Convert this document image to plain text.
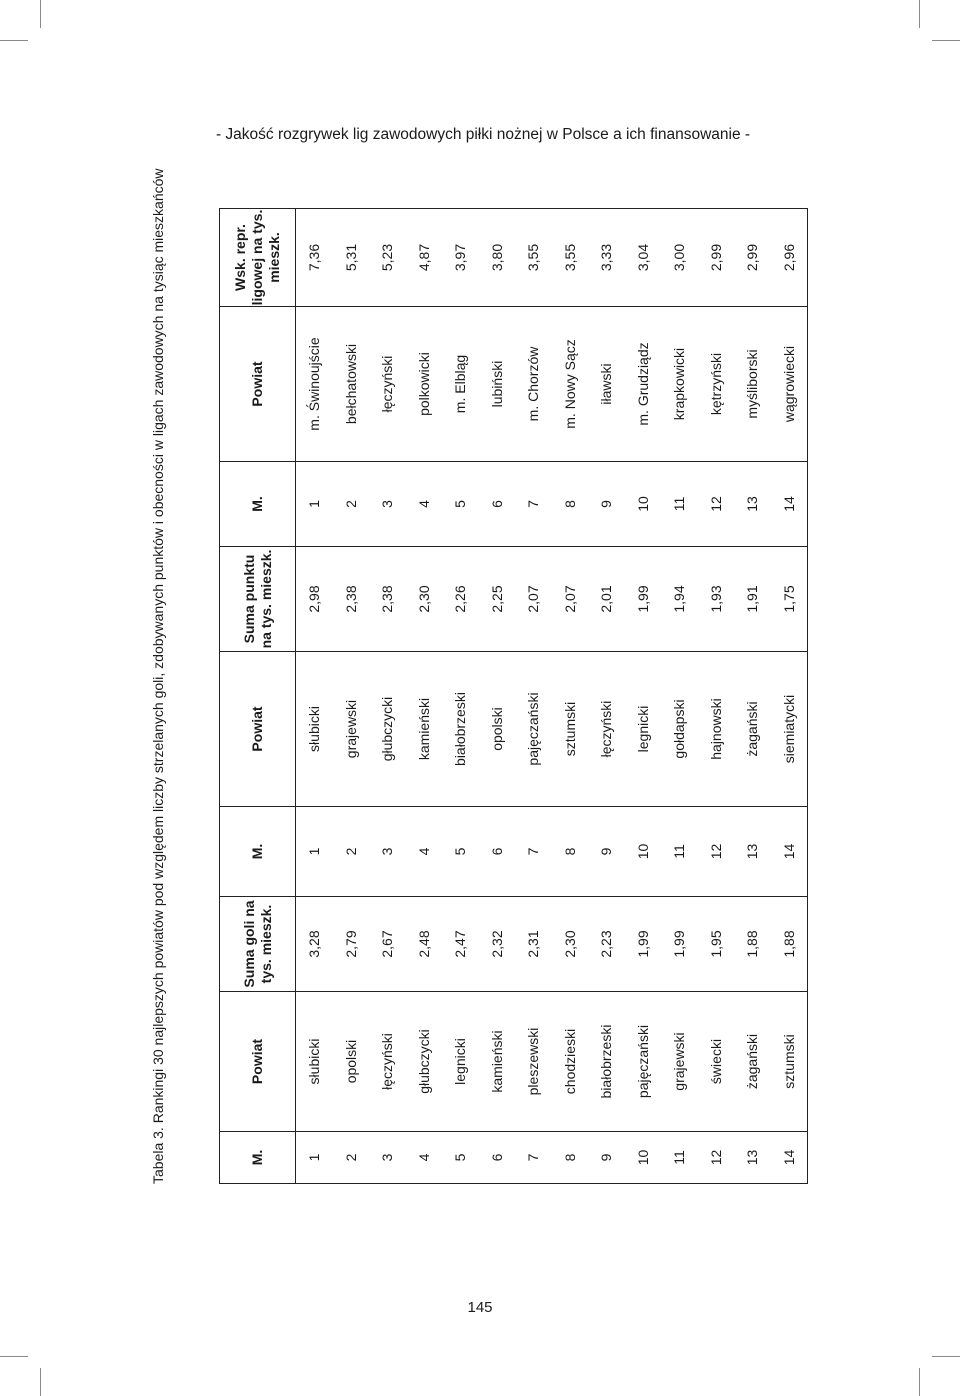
- Jakość rozgrywek lig zawodowych piłki nożnej w Polsce a ich finansowanie -
145
Tabela 3. Rankingi 30 najlepszych powiatów pod względem liczby strzelanych goli, zdobywanych punktów i obecności w ligach zawodowych na tysiąc mieszkańców	M.	Powiat	Suma goli na tys. mieszk.	M.	Powiat	Suma punktu na tys. mieszk.	M.	Powiat	Wsk. repr. ligowej na tys. mieszk.
1	słubicki	3,28	1	słubicki	2,98	1	m. Świnoujście	7,36
2	opolski	2,79	2	grajewski	2,38	2	bełchatowski	5,31
3	łęczyński	2,67	3	głubczycki	2,38	3	łęczyński	5,23
4	głubczycki	2,48	4	kamieński	2,30	4	polkowicki	4,87
5	legnicki	2,47	5	białobrzeski	2,26	5	m. Elbląg	3,97
6	kamieński	2,32	6	opolski	2,25	6	lubiński	3,80
7	pleszewski	2,31	7	pajęczański	2,07	7	m. Chorzów	3,55
8	chodzieski	2,30	8	sztumski	2,07	8	m. Nowy Sącz	3,55
9	białobrzeski	2,23	9	łęczyński	2,01	9	iławski	3,33
10	pajęczański	1,99	10	legnicki	1,99	10	m. Grudziądz	3,04
11	grajewski	1,99	11	gołdapski	1,94	11	krapkowicki	3,00
12	świecki	1,95	12	hajnowski	1,93	12	kętrzyński	2,99
13	żagański	1,88	13	żagański	1,91	13	myśliborski	2,99
14	sztumski	1,88	14	siemiatycki	1,75	14	wągrowiecki	2,96
